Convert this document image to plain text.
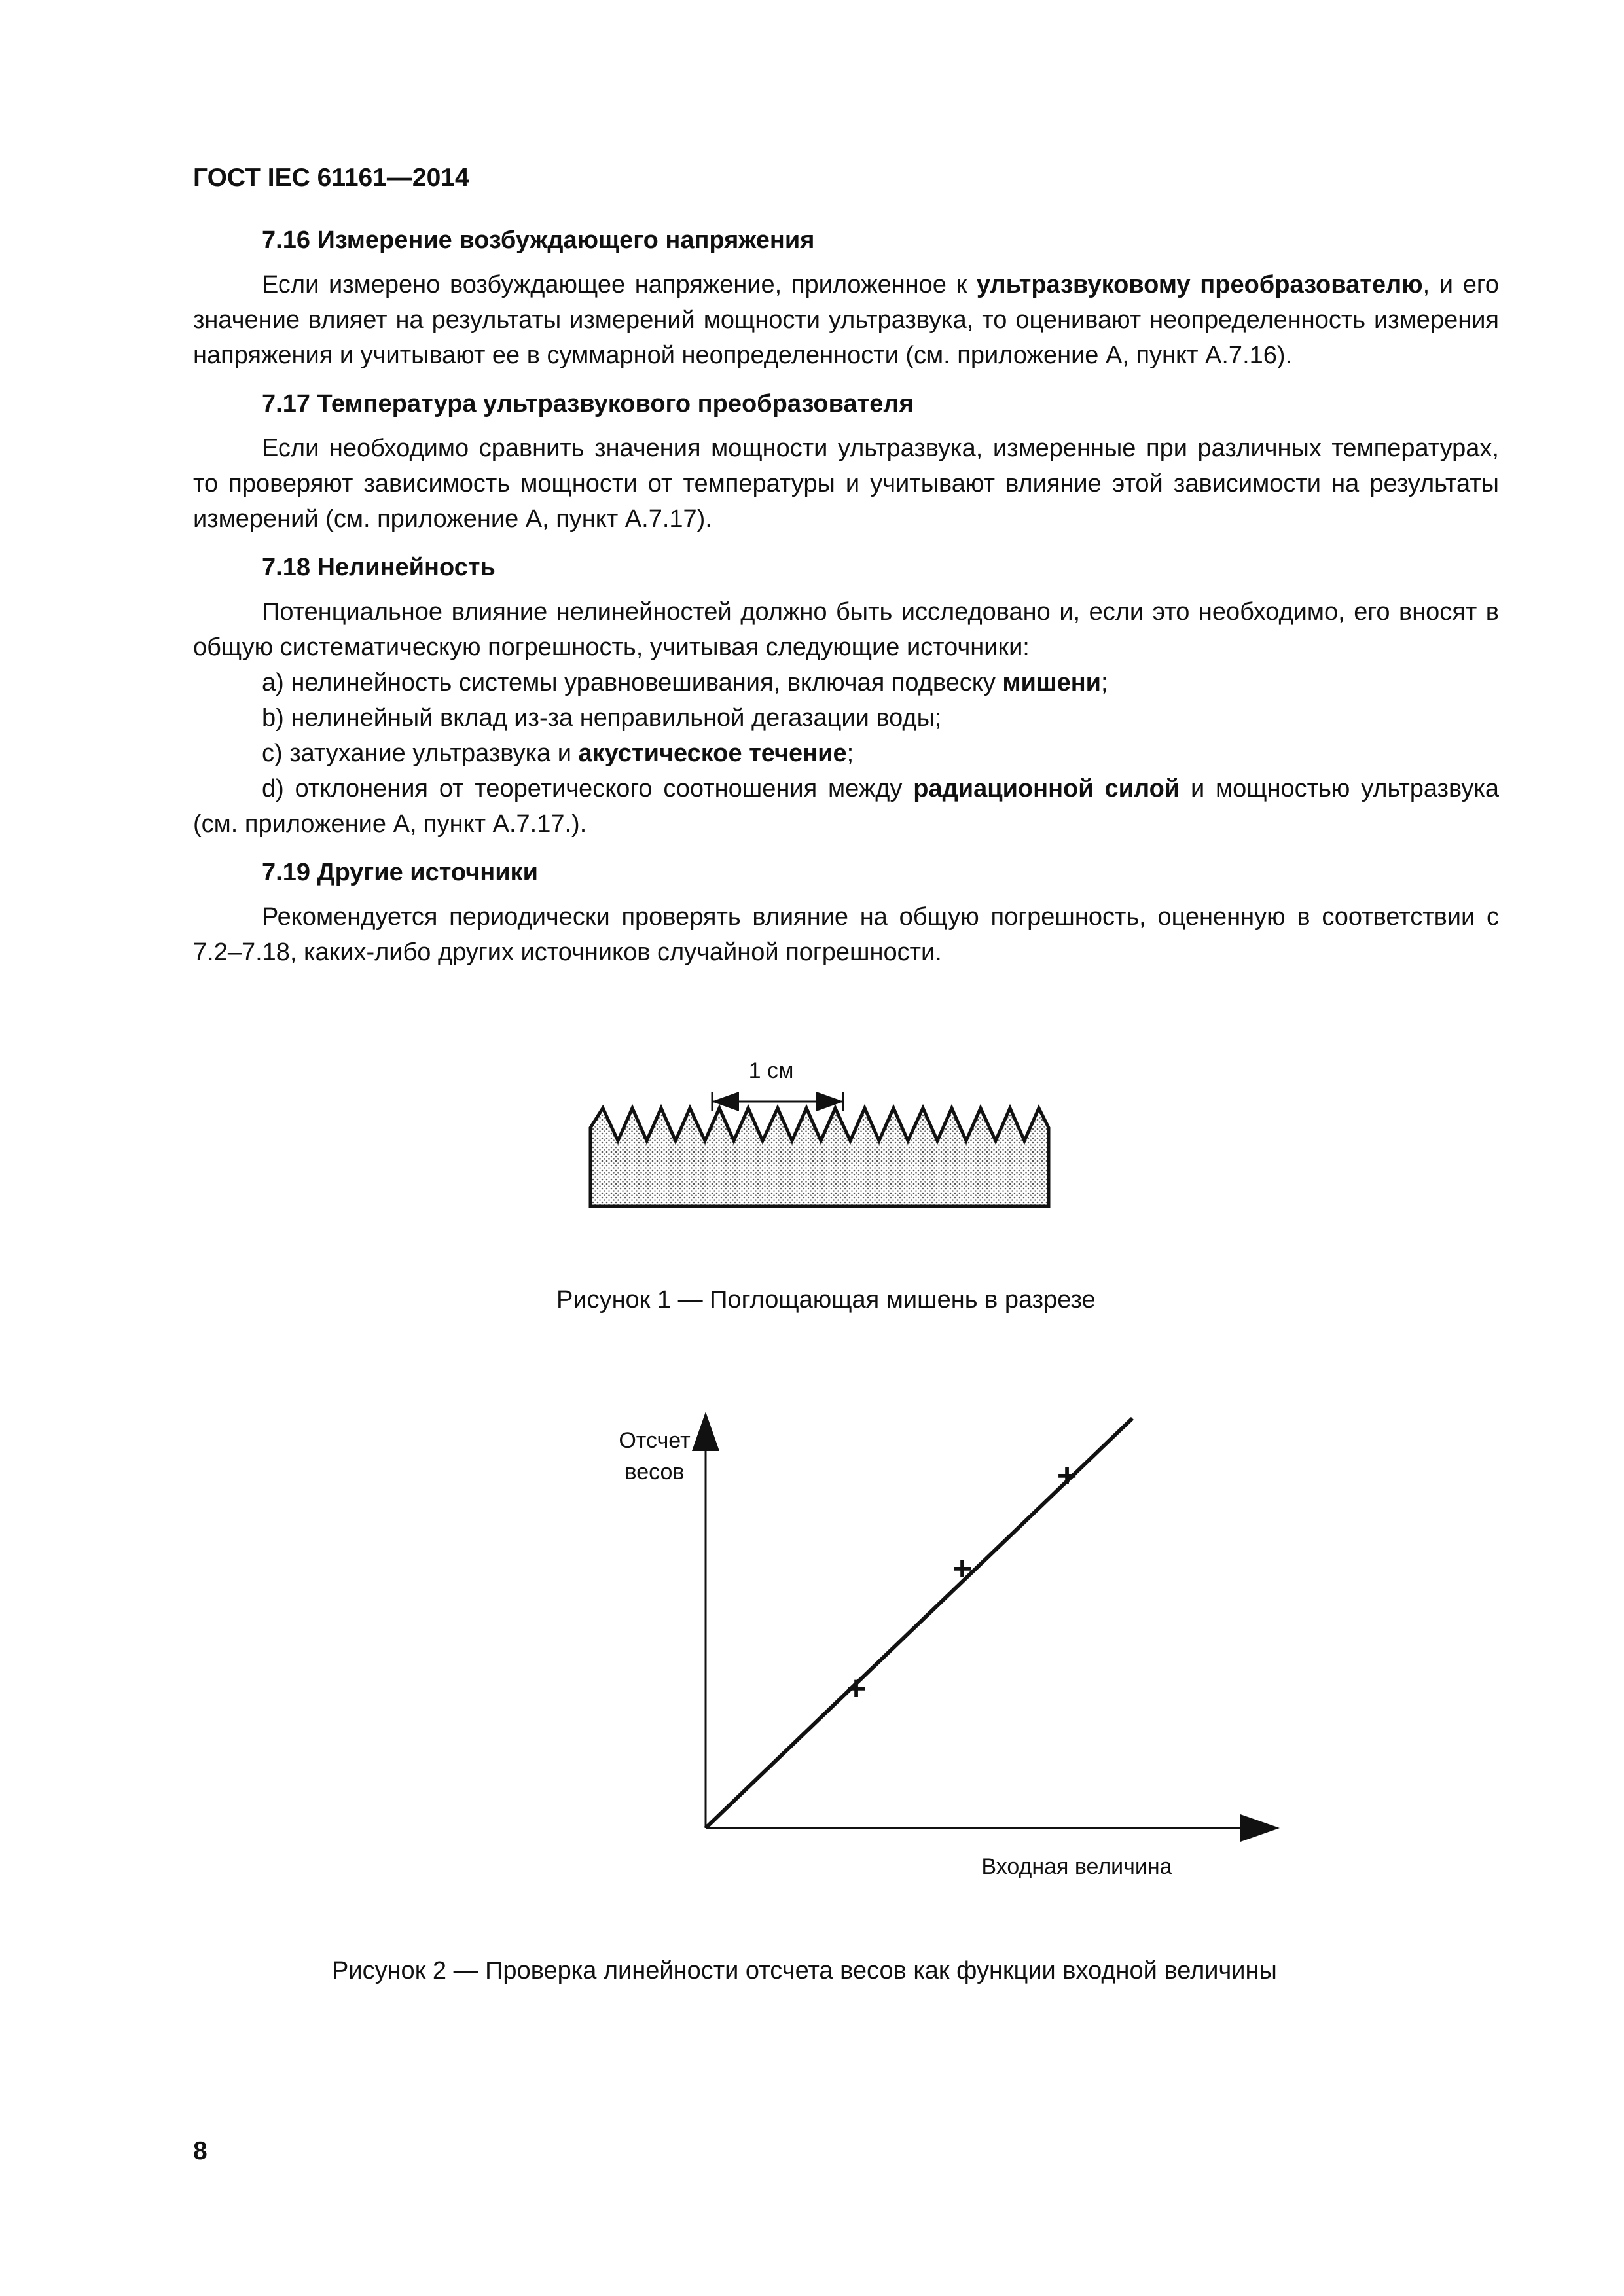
ГОСТ IEC 61161—2014
7.16 Измерение возбуждающего напряжения
Если измерено возбуждающее напряжение, приложенное к ультразвуковому преобразователю, и его значение влияет на результаты измерений мощности ультразвука, то оценивают неопределенность измерения напряжения и учитывают ее в суммарной неопределенности (см. приложение А, пункт А.7.16).
7.17 Температура ультразвукового преобразователя
Если необходимо сравнить значения мощности ультразвука, измеренные при различных температурах, то проверяют зависимость мощности от температуры и учитывают влияние этой зависимости на результаты измерений (см. приложение А, пункт А.7.17).
7.18 Нелинейность
Потенциальное влияние нелинейностей должно быть исследовано и, если это необходимо, его вносят в общую систематическую погрешность, учитывая следующие источники:
a) нелинейность системы уравновешивания, включая подвеску мишени;
b) нелинейный вклад из-за неправильной дегазации воды;
c) затухание ультразвука и акустическое течение;
d) отклонения от теоретического соотношения между радиационной силой и мощностью ультразвука (см. приложение А, пункт А.7.17.).
7.19 Другие источники
Рекомендуется периодически проверять влияние на общую погрешность, оцененную в соответствии с 7.2–7.18, каких-либо других источников случайной погрешности.
1 см
Рисунок 1 — Поглощающая мишень в разрезе
+
+
+
Отсчет
весов
Входная величина
Рисунок 2 — Проверка линейности отсчета весов как функции входной величины
8
